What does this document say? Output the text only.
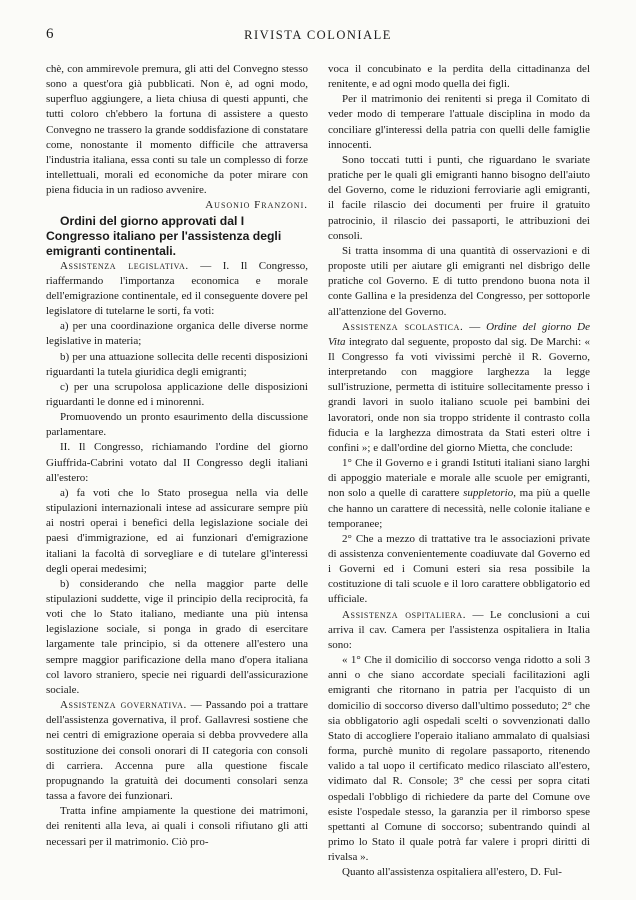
6	RIVISTA COLONIALE

chè, con ammirevole premura, gli atti del Convegno stesso sono a quest'ora già pubblicati. Non è, ad ogni modo, superfluo aggiungere, a lieta chiusa di questi appunti, che tutti coloro ch'ebbero la fortuna di assistere a questo Convegno ne trassero la grande soddisfazione di constatare come, nonostante il momento difficile che attraversa l'industria italiana, essa conti su tale un complesso di forze intellettuali, morali ed economiche da poter mirare con piena fiducia in un radioso avvenire.

Ausonio Franzoni.

Ordini del giorno approvati dal I Congresso italiano per l'assistenza degli emigranti continentali.

Assistenza legislativa. — I. Il Congresso, riaffermando l'importanza economica e morale dell'emigrazione continentale, ed il conseguente dovere pel legislatore di tutelarne le sorti, fa voti:

a) per una coordinazione organica delle diverse norme legislative in materia;

b) per una attuazione sollecita delle recenti disposizioni riguardanti la tutela giuridica degli emigranti;

c) per una scrupolosa applicazione delle disposizioni riguardanti le donne ed i minorenni.

Promuovendo un pronto esaurimento della discussione parlamentare.

II. Il Congresso, richiamando l'ordine del giorno Giuffrida-Cabrini votato dal II Congresso degli italiani all'estero:

a) fa voti che lo Stato prosegua nella via delle stipulazioni internazionali intese ad assicurare sempre più ai nostri operai i benefici della legislazione sociale dei paesi d'immigrazione, ed ai funzionari d'emigrazione italiani la facoltà di sorvegliare e di tutelare gl'interessi degli operai medesimi;

b) considerando che nella maggior parte delle stipulazioni suddette, vige il principio della reciprocità, fa voti che lo Stato italiano, mediante una più intensa legislazione sociale, si ponga in grado di esercitare largamente tale principio, si da ottenere all'estero una sempre maggior parificazione della mano d'opera italiana col lavoro straniero, specie nei riguardi dell'assicurazione sociale.

Assistenza governativa. — Passando poi a trattare dell'assistenza governativa, il prof. Gallavresi sostiene che nei centri di emigrazione operaia si debba provvedere alla sostituzione dei consoli onorari di II categoria con consoli di carriera. Accenna pure alla questione fiscale propugnando la gratuità dei documenti consolari senza tassa a favore dei funzionari.

Tratta infine ampiamente la questione dei matrimoni, dei renitenti alla leva, ai quali i consoli rifiutano gli atti necessari per il matrimonio. Ciò pro-

voca il concubinato e la perdita della cittadinanza del renitente, e ad ogni modo quella dei figli.

Per il matrimonio dei renitenti si prega il Comitato di veder modo di temperare l'attuale disciplina in modo da conciliare gl'interessi della patria con quelli delle famiglie innocenti.

Sono toccati tutti i punti, che riguardano le svariate pratiche per le quali gli emigranti hanno bisogno dell'aiuto del Governo, come le riduzioni ferroviarie agli emigranti, il facile rilascio dei documenti per fruire il gratuito patrocinio, il rilascio dei passaporti, le attribuzioni dei consoli.

Si tratta insomma di una quantità di osservazioni e di proposte utili per aiutare gli emigranti nel disbrigo delle pratiche col Governo. E di tutto prendono buona nota il conte Gallina e la presidenza del Congresso, per sottoporle all'attenzione del Governo.

Assistenza scolastica. — Ordine del giorno De Vita integrato dal seguente, proposto dal sig. De Marchi: « Il Congresso fa voti vivissimi perchè il R. Governo, interpretando con maggiore larghezza la legge sull'istruzione, permetta di istituire sollecitamente presso i grandi lavori in suolo italiano scuole pei bambini dei lavoratori, onde non sia troppo stridente il contrasto colla fiducia e la larghezza dimostrata da Stati esteri oltre i confini »; e dall'ordine del giorno Mietta, che conclude:

1° Che il Governo e i grandi Istituti italiani siano larghi di appoggio materiale e morale alle scuole per emigranti, non solo a quelle di carattere suppletorio, ma più a quelle che hanno un carattere di necessità, nelle colonie italiane e temporanee;

2° Che a mezzo di trattative tra le associazioni private di assistenza convenientemente coadiuvate dal Governo ed i Governi ed i Comuni esteri sia resa possibile la costituzione di tali scuole e il loro carattere obbligatorio ed ufficiale.

Assistenza ospitaliera. — Le conclusioni a cui arriva il cav. Camera per l'assistenza ospitaliera in Italia sono:

« 1° Che il domicilio di soccorso venga ridotto a soli 3 anni o che siano accordate speciali facilitazioni agli emigranti che ritornano in patria per l'acquisto di un domicilio di soccorso diverso dall'ultimo posseduto; 2° che sia obbligatorio agli ospedali scelti o sovvenzionati dallo Stato di accogliere l'operaio italiano ammalato di qualsiasi forma, purchè munito di regolare passaporto, ritenendo valido a tal uopo il certificato medico rilasciato all'estero, vidimato dal R. Console; 3° che cessi per sopra citati ospedali l'obbligo di richiedere da parte del Comune ove esiste l'ospedale stesso, la garanzia per il rimborso spese spettanti al Comune di soccorso; subentrando quindi al primo lo Stato il quale potrà far valere i propri diritti di rivalsa ».

Quanto all'assistenza ospitaliera all'estero, D. Ful-
